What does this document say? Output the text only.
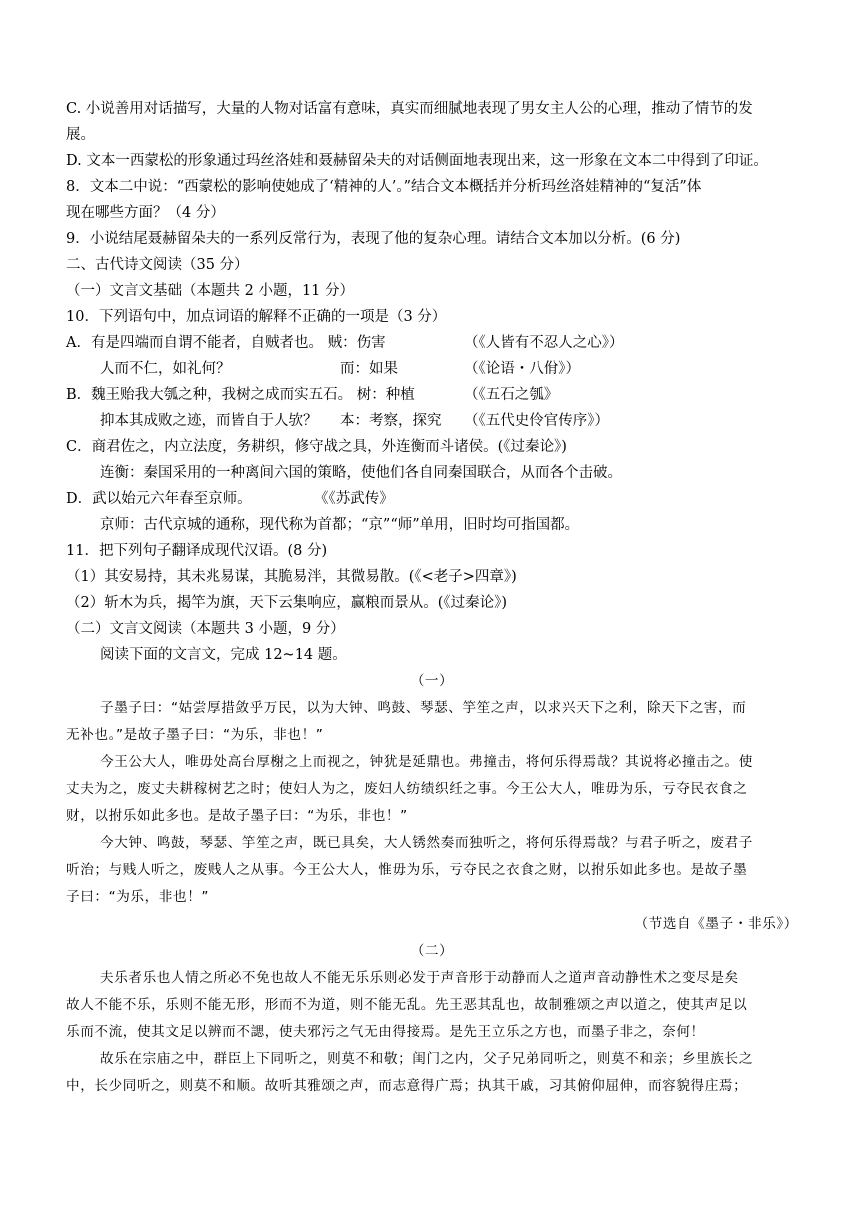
C. 小说善用对话描写，大量的人物对话富有意味，真实而细腻地表现了男女主人公的心理，推动了情节的发
展。
D. 文本一西蒙松的形象通过玛丝洛娃和聂赫留朵夫的对话侧面地表现出来，这一形象在文本二中得到了印证。
8．文本二中说：“西蒙松的影响使她成了‘精神的人’。”结合文本概括并分析玛丝洛娃精神的“复活”体
现在哪些方面？（4 分）
9．小说结尾聂赫留朵夫的一系列反常行为，表现了他的复杂心理。请结合文本加以分析。(6 分)
二、古代诗文阅读（35 分）
（一）文言文基础（本题共 2 小题，11 分）
10．下列语句中，加点词语的解释不正确的一项是（3 分）
A．有是四端而自谓不能者，自贼者也。 贼：伤害	（《人皆有不忍人之心》）
人而不仁，如礼何？	而：如果	（《论语・八佾》）
B．魏王贻我大瓠之种，我树之成而实五石。 树：种植	（《五石之瓠》
抑本其成败之迹，而皆自于人欤？	本：考察，探究	（《五代史伶官传序》）
C．商君佐之，内立法度，务耕织，修守战之具，外连衡而斗诸侯。(《过秦论》)
连衡：秦国采用的一种离间六国的策略，使他们各自同秦国联合，从而各个击破。
D．武以始元六年春至京师。	《《苏武传》
京师：古代京城的通称，现代称为首都；“京”“师”单用，旧时均可指国都。
11．把下列句子翻译成现代汉语。(8 分)
（1）其安易持，其未兆易谋，其脆易泮，其微易散。(《<老子>四章》)
（2）斩木为兵，揭竿为旗，天下云集响应，赢粮而景从。(《过秦论》)
（二）文言文阅读（本题共 3 小题，9 分）
阅读下面的文言文，完成 12~14 题。
（一）
子墨子曰：“姑尝厚措敛乎万民，以为大钟、鸣鼓、琴瑟、竽笙之声，以求兴天下之利，除天下之害，而
无补也。”是故子墨子曰：“为乐，非也！”
今王公大人，唯毋处高台厚榭之上而视之，钟犹是延鼎也。弗撞击，将何乐得焉哉？其说将必撞击之。使
丈夫为之，废丈夫耕稼树艺之时；使妇人为之，废妇人纺绩织纴之事。今王公大人，唯毋为乐，亏夺民衣食之
财，以拊乐如此多也。是故子墨子曰：“为乐，非也！”
今大钟、鸣鼓，琴瑟、竽笙之声，既已具矣，大人锈然奏而独听之，将何乐得焉哉？与君子听之，废君子
听治；与贱人听之，废贱人之从事。今王公大人，惟毋为乐，亏夺民之衣食之财，以拊乐如此多也。是故子墨
子曰：“为乐，非也！”
（节选自《墨子・非乐》）
（二）
夫乐者乐也人情之所必不免也故人不能无乐乐则必发于声音形于动静而人之道声音动静性术之变尽是矣
故人不能不乐，乐则不能无形，形而不为道，则不能无乱。先王恶其乱也，故制雅颂之声以道之，使其声足以
乐而不流，使其文足以辨而不諰，使夫邪污之气无由得接焉。是先王立乐之方也，而墨子非之，奈何！
故乐在宗庙之中，群臣上下同听之，则莫不和敬；闺门之内，父子兄弟同听之，则莫不和亲；乡里族长之
中，长少同听之，则莫不和顺。故听其雅颂之声，而志意得广焉；执其干戚，习其俯仰屈伸，而容貌得庄焉；
